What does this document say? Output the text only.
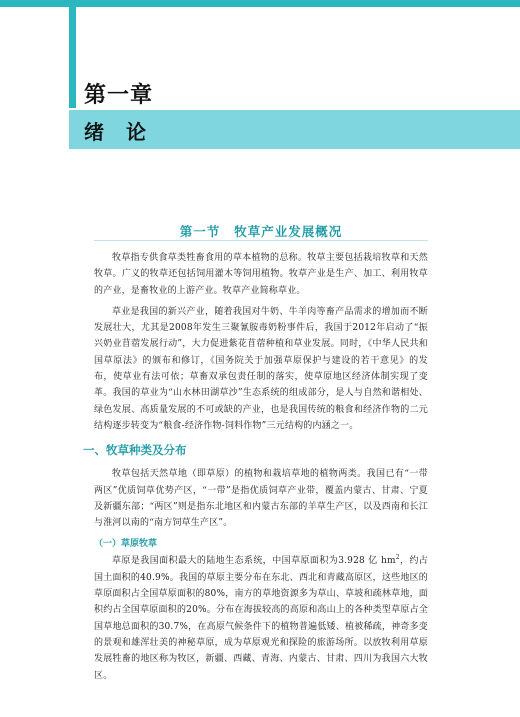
第一章
绪论
第一节 牧草产业发展概况

牧草指专供食草类牲畜食用的草本植物的总称。牧草主要包括栽培牧草和天然牧草。广义的牧草还包括饲用灌木等饲用植物。牧草产业是生产、加工、利用牧草的产业，是畜牧业的上游产业。牧草产业简称草业。

草业是我国的新兴产业，随着我国对牛奶、牛羊肉等畜产品需求的增加而不断发展壮大，尤其是2008年发生三聚氰胺毒奶粉事件后，我国于2012年启动了“振兴奶业苜蓿发展行动”，大力促进紫花苜蓿种植和草业发展。同时，《中华人民共和国草原法》的颁布和修订，《国务院关于加强草原保护与建设的若干意见》的发布，使草业有法可依；草畜双承包责任制的落实，使草原地区经济体制实现了变革。我国的草业为“山水林田湖草沙”生态系统的组成部分，是人与自然和谐相处、绿色发展、高质量发展的不可或缺的产业，也是我国传统的粮食和经济作物的二元结构逐步转变为“粮食-经济作物-饲料作物”三元结构的内涵之一。

一、牧草种类及分布

牧草包括天然草地（即草原）的植物和栽培草地的植物两类。我国已有“一带两区”优质饲草优势产区，“一带”是指优质饲草产业带，覆盖内蒙古、甘肃、宁夏及新疆东部；“两区”则是指东北地区和内蒙古东部的羊草生产区，以及西南和长江与淮河以南的“南方饲草生产区”。

（一）草原牧草

草原是我国面积最大的陆地生态系统，中国草原面积为3.928 亿 $hm^2$，约占国土面积的40.9%。我国的草原主要分布在东北、西北和青藏高原区，这些地区的草原面积占全国草原面积的80%，南方的草地资源多为草山、草坡和疏林草地，面积约占全国草原面积的20%。分布在海拔较高的高原和高山上的各种类型草原占全国草地总面积的30.7%，在高原气候条件下的植物普遍低矮、植被稀疏，神奇多变的景观和雄浑壮美的神秘草原，成为草原观光和探险的旅游场所。以放牧利用草原发展牲畜的地区称为牧区，新疆、西藏、青海、内蒙古、甘肃、四川为我国六大牧区。
